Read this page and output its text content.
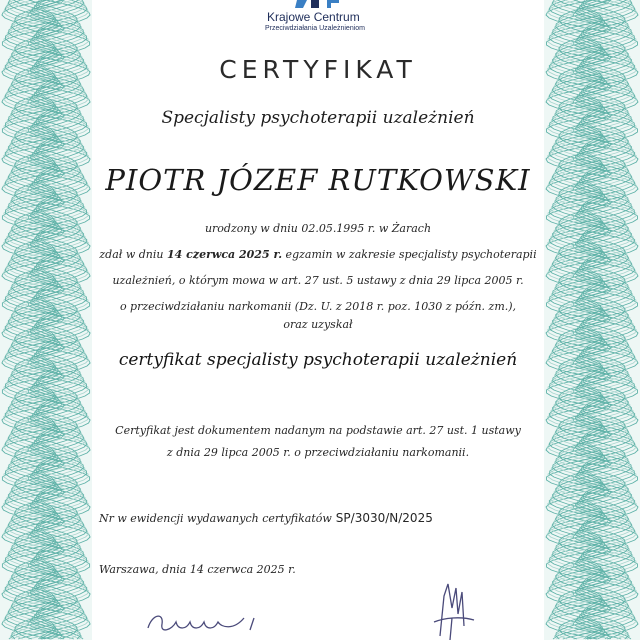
Krajowe Centrum
Przeciwdziałania Uzależnieniom
CERTYFIKAT
Specjalisty psychoterapii uzależnień
PIOTR JÓZEF RUTKOWSKI
urodzony w dniu 02.05.1995 r. w Żarach
zdał w dniu 14 czerwca 2025 r. egzamin w zakresie specjalisty psychoterapii
uzależnień, o którym mowa w art. 27 ust. 5 ustawy z dnia 29 lipca 2005 r.
o przeciwdziałaniu narkomanii (Dz. U. z 2018 r. poz. 1030 z późn. zm.),
oraz uzyskał
certyfikat specjalisty psychoterapii uzależnień
Certyfikat jest dokumentem nadanym na podstawie art. 27 ust. 1 ustawy
z dnia 29 lipca 2005 r. o przeciwdziałaniu narkomanii.
Nr w ewidencji wydawanych certyfikatów SP/3030/N/2025
Warszawa, dnia 14 czerwca 2025 r.
